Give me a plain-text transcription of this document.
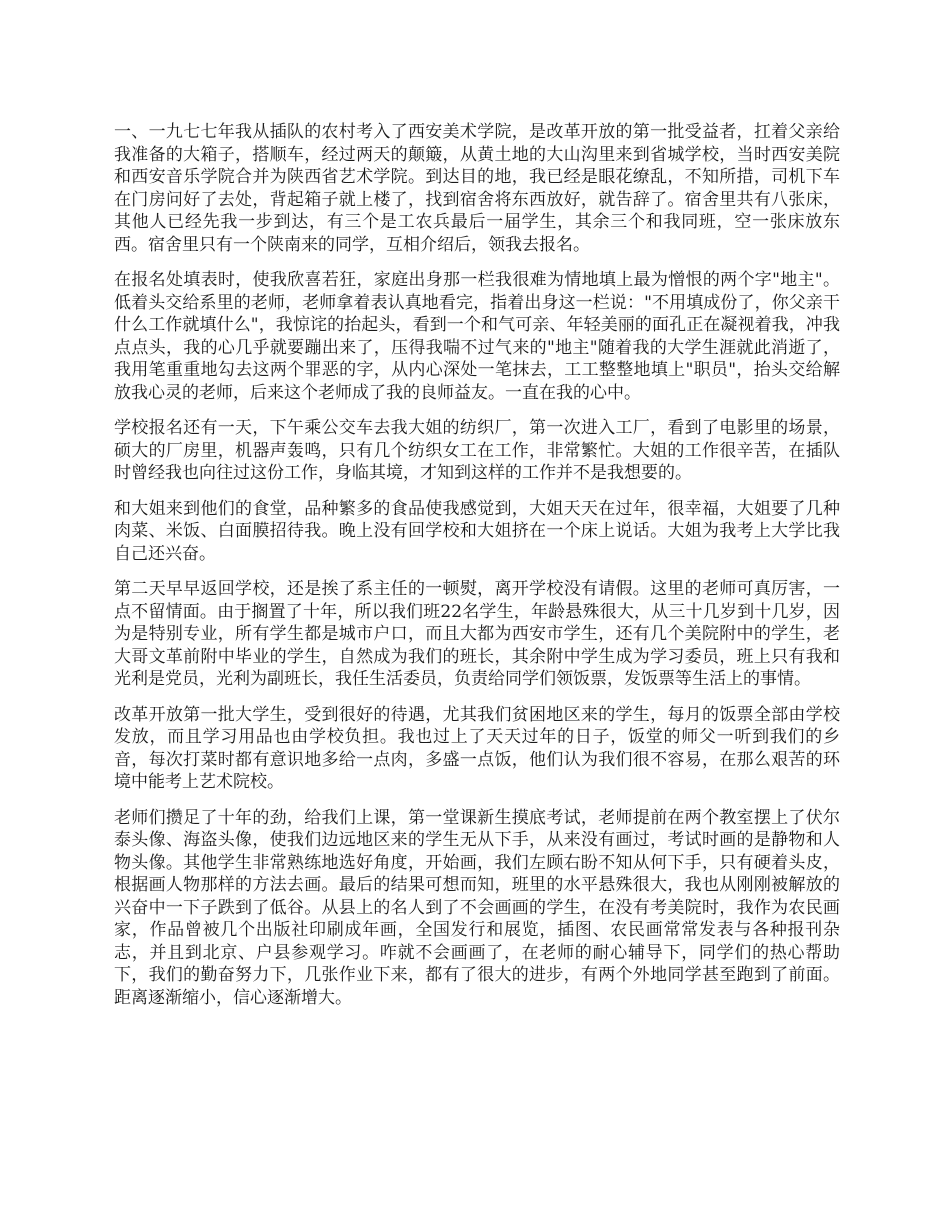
一、一九七七年我从插队的农村考入了西安美术学院，是改革开放的第一批受益者，扛着父亲给我准备的大箱子，搭顺车，经过两天的颠簸，从黄土地的大山沟里来到省城学校，当时西安美院和西安音乐学院合并为陕西省艺术学院。到达目的地，我已经是眼花缭乱，不知所措，司机下车在门房问好了去处，背起箱子就上楼了，找到宿舍将东西放好，就告辞了。宿舍里共有八张床，其他人已经先我一步到达，有三个是工农兵最后一届学生，其余三个和我同班，空一张床放东西。宿舍里只有一个陕南来的同学，互相介绍后，领我去报名。

在报名处填表时，使我欣喜若狂，家庭出身那一栏我很难为情地填上最为憎恨的两个字"地主"。低着头交给系里的老师，老师拿着表认真地看完，指着出身这一栏说："不用填成份了，你父亲干什么工作就填什么"，我惊诧的抬起头，看到一个和气可亲、年轻美丽的面孔正在凝视着我，冲我点点头，我的心几乎就要蹦出来了，压得我喘不过气来的"地主"随着我的大学生涯就此消逝了，我用笔重重地勾去这两个罪恶的字，从内心深处一笔抹去，工工整整地填上"职员"，抬头交给解放我心灵的老师，后来这个老师成了我的良师益友。一直在我的心中。

学校报名还有一天，下午乘公交车去我大姐的纺织厂，第一次进入工厂，看到了电影里的场景，硕大的厂房里，机器声轰鸣，只有几个纺织女工在工作，非常繁忙。大姐的工作很辛苦，在插队时曾经我也向往过这份工作，身临其境，才知到这样的工作并不是我想要的。

和大姐来到他们的食堂，品种繁多的食品使我感觉到，大姐天天在过年，很幸福，大姐要了几种肉菜、米饭、白面膜招待我。晚上没有回学校和大姐挤在一个床上说话。大姐为我考上大学比我自己还兴奋。

第二天早早返回学校，还是挨了系主任的一顿熨，离开学校没有请假。这里的老师可真厉害，一点不留情面。由于搁置了十年，所以我们班22名学生，年龄悬殊很大，从三十几岁到十几岁，因为是特别专业，所有学生都是城市户口，而且大都为西安市学生，还有几个美院附中的学生，老大哥文革前附中毕业的学生，自然成为我们的班长，其余附中学生成为学习委员，班上只有我和光利是党员，光利为副班长，我任生活委员，负责给同学们领饭票，发饭票等生活上的事情。

改革开放第一批大学生，受到很好的待遇，尤其我们贫困地区来的学生，每月的饭票全部由学校发放，而且学习用品也由学校负担。我也过上了天天过年的日子，饭堂的师父一听到我们的乡音，每次打菜时都有意识地多给一点肉，多盛一点饭，他们认为我们很不容易，在那么艰苦的环境中能考上艺术院校。

老师们攒足了十年的劲，给我们上课，第一堂课新生摸底考试，老师提前在两个教室摆上了伏尔泰头像、海盗头像，使我们边远地区来的学生无从下手，从来没有画过，考试时画的是静物和人物头像。其他学生非常熟练地选好角度，开始画，我们左顾右盼不知从何下手，只有硬着头皮，根据画人物那样的方法去画。最后的结果可想而知，班里的水平悬殊很大，我也从刚刚被解放的兴奋中一下子跌到了低谷。从县上的名人到了不会画画的学生，在没有考美院时，我作为农民画家，作品曾被几个出版社印刷成年画，全国发行和展览，插图、农民画常常发表与各种报刊杂志，并且到北京、户县参观学习。咋就不会画画了，在老师的耐心辅导下，同学们的热心帮助下，我们的勤奋努力下，几张作业下来，都有了很大的进步，有两个外地同学甚至跑到了前面。距离逐渐缩小，信心逐渐增大。
